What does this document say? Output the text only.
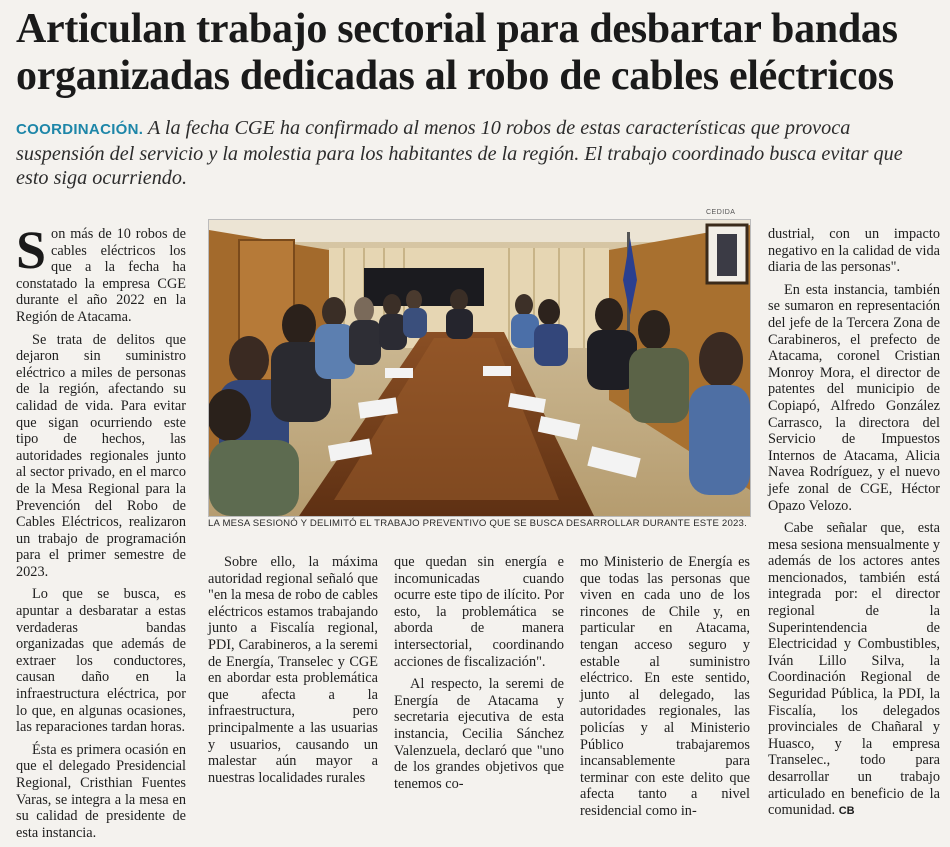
Articulan trabajo sectorial para desbartar bandas
organizadas dedicadas al robo de cables eléctricos
COORDINACIÓN. A la fecha CGE ha confirmado al menos 10 robos de estas características que provoca suspensión del servicio y la molestia para los habitantes de la región. El trabajo coordinado busca evitar que esto siga ocurriendo.

Son más de 10 robos de cables eléctricos los que a la fecha ha constatado la empresa CGE durante el año 2022 en la Región de Atacama.

Se trata de delitos que dejaron sin suministro eléctrico a miles de personas de la región, afectando su calidad de vida. Para evitar que sigan ocurriendo este tipo de hechos, las autoridades regionales junto al sector privado, en el marco de la Mesa Regional para la Prevención del Robo de Cables Eléctricos, realizaron un trabajo de programación para el primer semestre de 2023.

Lo que se busca, es apuntar a desbaratar a estas verdaderas bandas organizadas que además de extraer los conductores, causan daño en la infraestructura eléctrica, por lo que, en algunas ocasiones, las reparaciones tardan horas.

Ésta es primera ocasión en que el delegado Presidencial Regional, Cristhian Fuentes Varas, se integra a la mesa en su calidad de presidente de esta instancia.

CEDIDA
LA MESA SESIONÓ Y DELIMITÓ EL TRABAJO PREVENTIVO QUE SE BUSCA DESARROLLAR DURANTE ESTE 2023.

Sobre ello, la máxima autoridad regional señaló que "en la mesa de robo de cables eléctricos estamos trabajando junto a Fiscalía regional, PDI, Carabineros, a la seremi de Energía, Transelec y CGE en abordar esta problemática que afecta a la infraestructura, pero principalmente a las usuarias y usuarios, causando un malestar aún mayor a nuestras localidades rurales

que quedan sin energía e incomunicadas cuando ocurre este tipo de ilícito. Por esto, la problemática se aborda de manera intersectorial, coordinando acciones de fiscalización".

Al respecto, la seremi de Energía de Atacama y secretaria ejecutiva de esta instancia, Cecilia Sánchez Valenzuela, declaró que "uno de los grandes objetivos que tenemos co-

mo Ministerio de Energía es que todas las personas que viven en cada uno de los rincones de Chile y, en particular en Atacama, tengan acceso seguro y estable al suministro eléctrico. En este sentido, junto al delegado, las autoridades regionales, las policías y al Ministerio Público trabajaremos incansablemente para terminar con este delito que afecta tanto a nivel residencial como in-

dustrial, con un impacto negativo en la calidad de vida diaria de las personas".

En esta instancia, también se sumaron en representación del jefe de la Tercera Zona de Carabineros, el prefecto de Atacama, coronel Cristian Monroy Mora, el director de patentes del municipio de Copiapó, Alfredo González Carrasco, la directora del Servicio de Impuestos Internos de Atacama, Alicia Navea Rodríguez, y el nuevo jefe zonal de CGE, Héctor Opazo Velozo.

Cabe señalar que, esta mesa sesiona mensualmente y además de los actores antes mencionados, también está integrada por: el director regional de la Superintendencia de Electricidad y Combustibles, Iván Lillo Silva, la Coordinación Regional de Seguridad Pública, la PDI, la Fiscalía, los delegados provinciales de Chañaral y Huasco, y la empresa Transelec., todo para desarrollar un trabajo articulado en beneficio de la comunidad. CB
